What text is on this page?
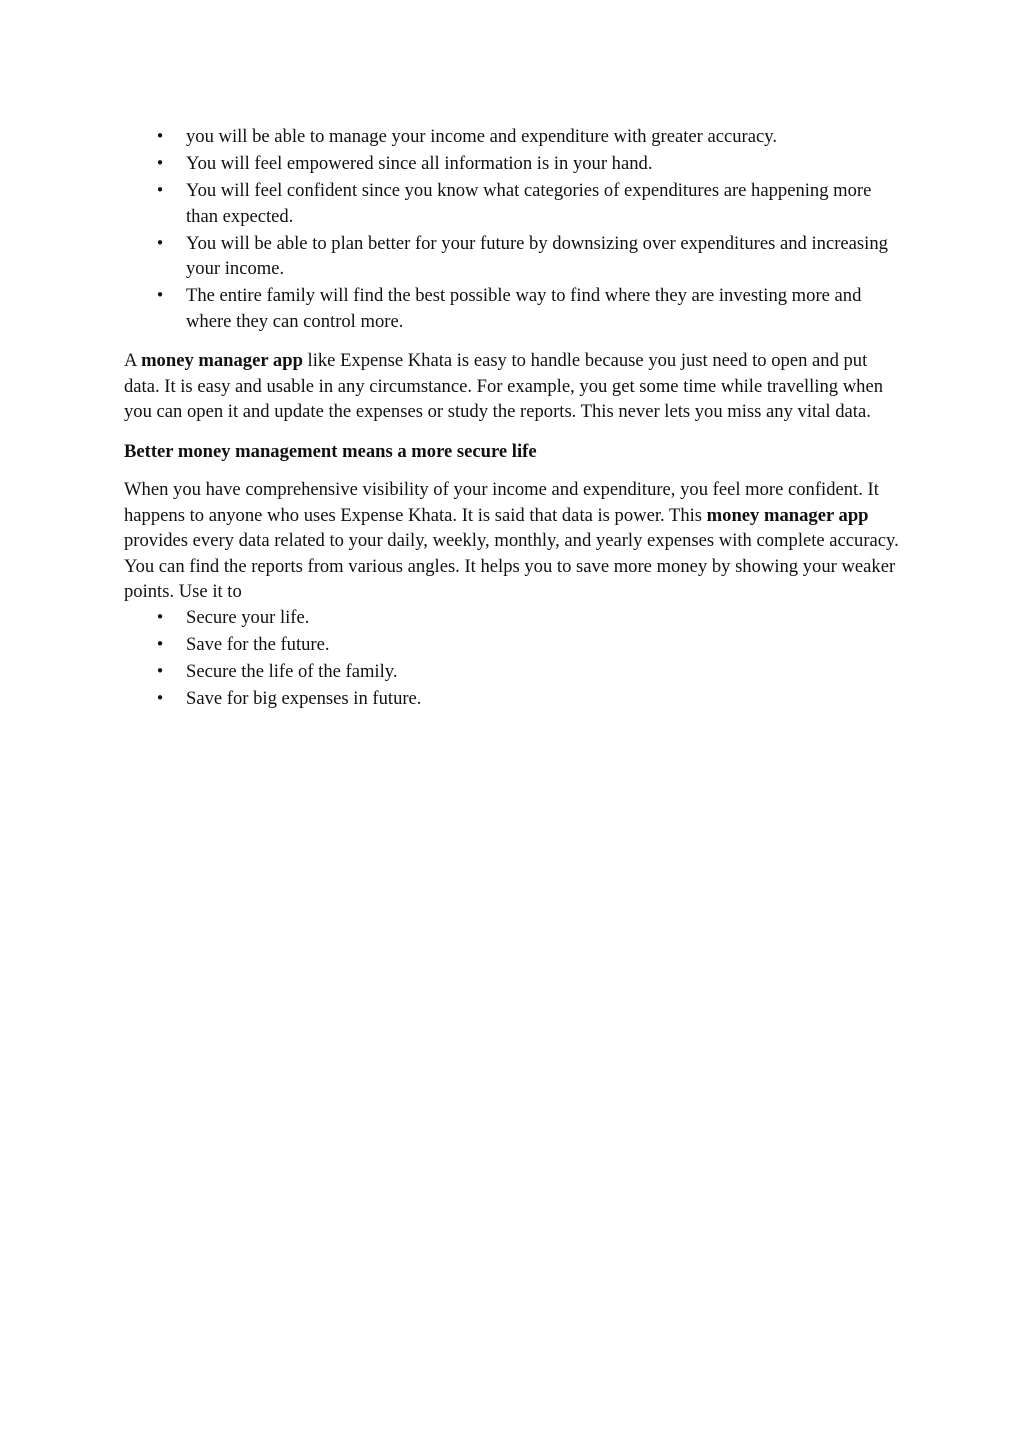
• you will be able to manage your income and expenditure with greater accuracy.
• You will feel empowered since all information is in your hand.
• You will feel confident since you know what categories of expenditures are happening more than expected.
• You will be able to plan better for your future by downsizing over expenditures and increasing your income.
• The entire family will find the best possible way to find where they are investing more and where they can control more.

A money manager app like Expense Khata is easy to handle because you just need to open and put data. It is easy and usable in any circumstance. For example, you get some time while travelling when you can open it and update the expenses or study the reports. This never lets you miss any vital data.

Better money management means a more secure life

When you have comprehensive visibility of your income and expenditure, you feel more confident. It happens to anyone who uses Expense Khata. It is said that data is power. This money manager app provides every data related to your daily, weekly, monthly, and yearly expenses with complete accuracy. You can find the reports from various angles. It helps you to save more money by showing your weaker points. Use it to

• Secure your life.
• Save for the future.
• Secure the life of the family.
• Save for big expenses in future.
